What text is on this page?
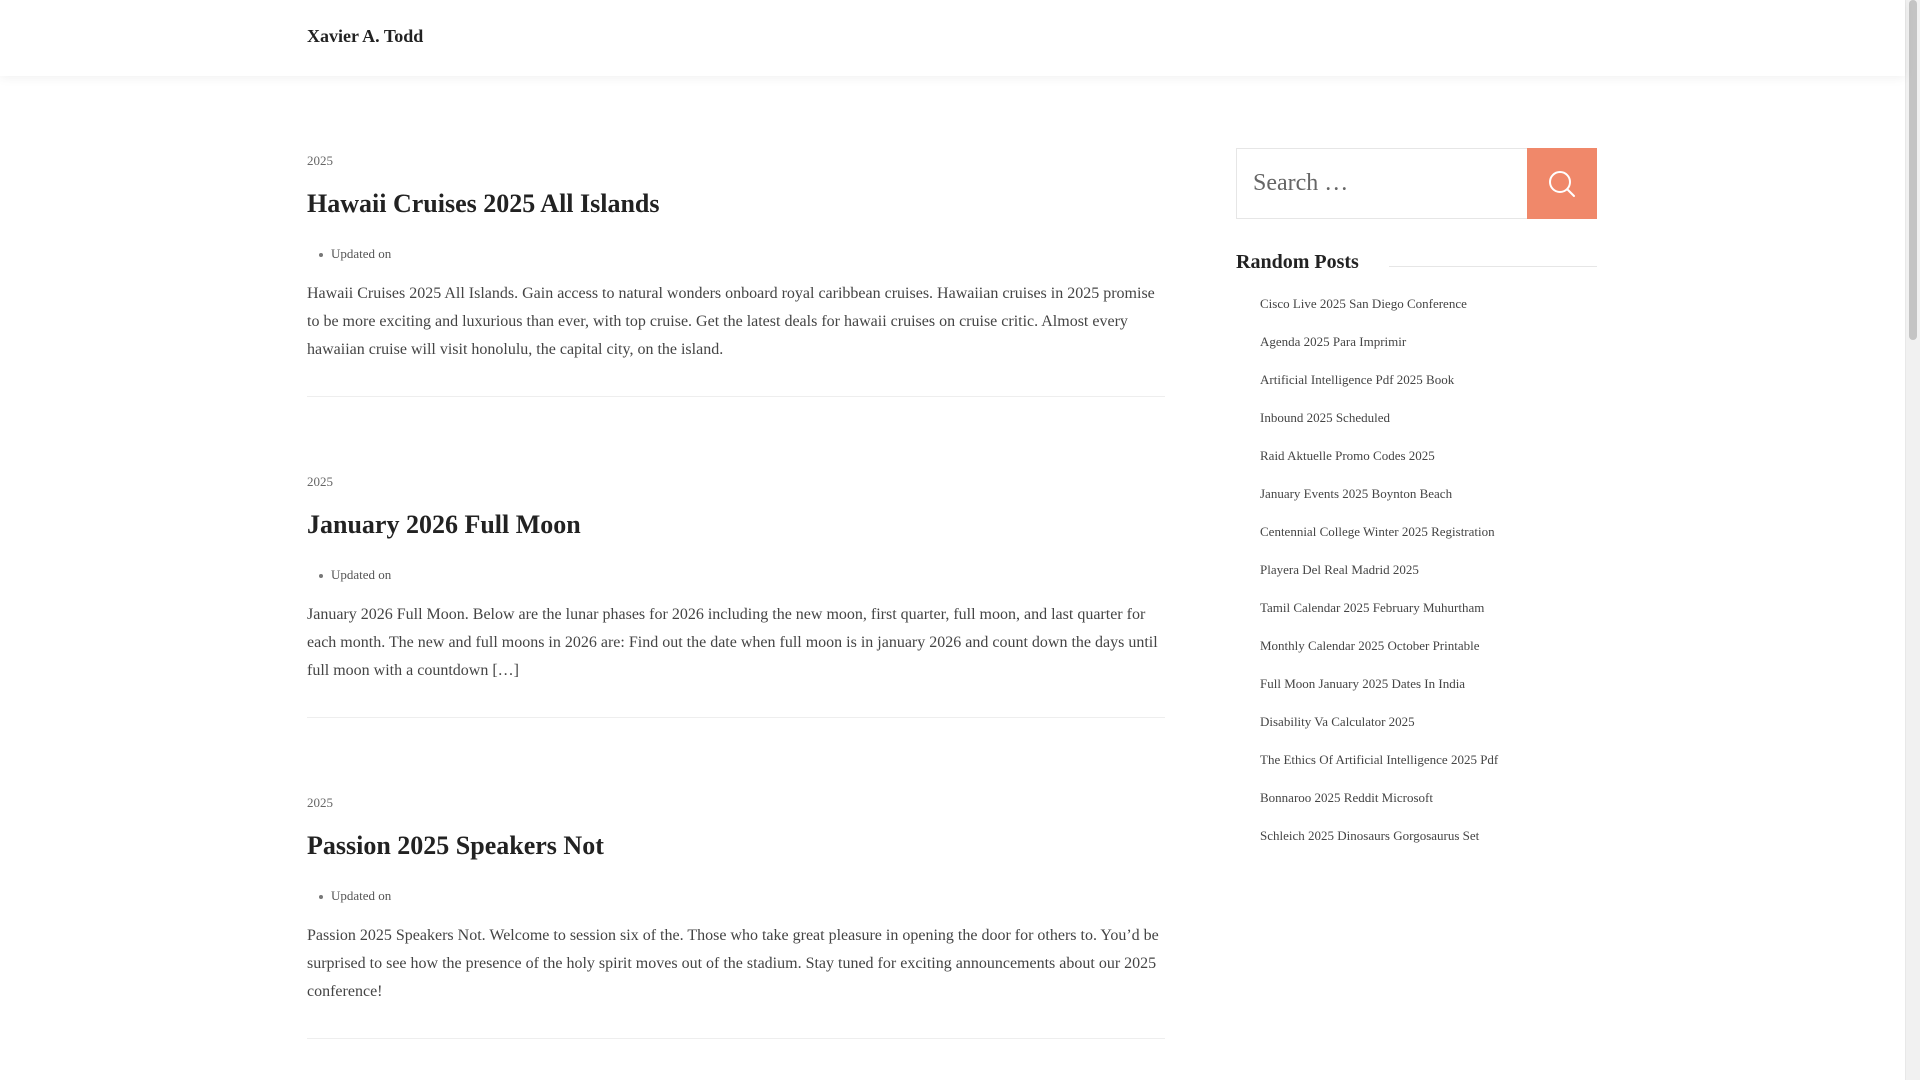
Xavier A. Todd
2025
Hawaii Cruises 2025 All Islands
Updated on

Hawaii Cruises 2025 All Islands. Gain access to natural wonders onboard royal caribbean cruises. Hawaiian cruises in 2025 promise to be more exciting and luxurious than ever, with top cruise. Get the latest deals for hawaii cruises on cruise critic. Almost every hawaiian cruise will visit honolulu, the capital city, on the island.

2025
January 2026 Full Moon
Updated on

January 2026 Full Moon. Below are the lunar phases for 2026 including the new moon, first quarter, full moon, and last quarter for each month. The new and full moons in 2026 are: Find out the date when full moon is in january 2026 and count down the days until full moon with a countdown […]

2025
Passion 2025 Speakers Not
Updated on

Passion 2025 Speakers Not. Welcome to session six of the. Those who take great pleasure in opening the door for others to. You’d be surprised to see how the presence of the holy spirit moves out of the stadium. Stay tuned for exciting announcements about our 2025 conference!

Search …
Random Posts
Cisco Live 2025 San Diego Conference
Agenda 2025 Para Imprimir
Artificial Intelligence Pdf 2025 Book
Inbound 2025 Scheduled
Raid Aktuelle Promo Codes 2025
January Events 2025 Boynton Beach
Centennial College Winter 2025 Registration
Playera Del Real Madrid 2025
Tamil Calendar 2025 February Muhurtham
Monthly Calendar 2025 October Printable
Full Moon January 2025 Dates In India
Disability Va Calculator 2025
The Ethics Of Artificial Intelligence 2025 Pdf
Bonnaroo 2025 Reddit Microsoft
Schleich 2025 Dinosaurs Gorgosaurus Set
